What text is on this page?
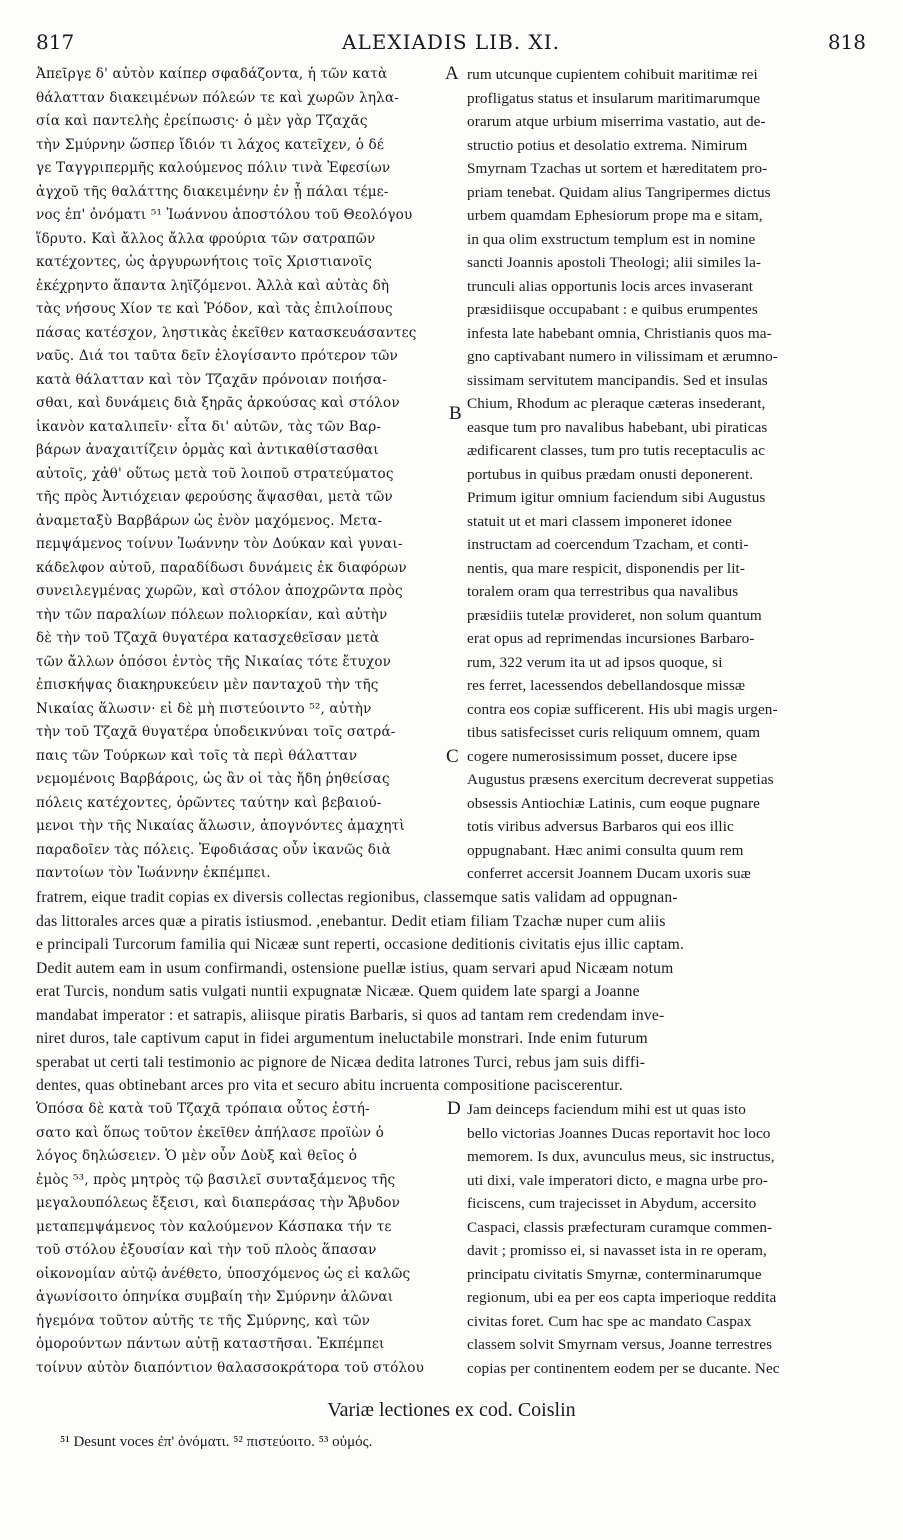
817	ALEXIADIS LIB. XI.	818
Ἀπεῖργε δ' αὐτὸν καίπερ σφαδάζοντα, ἡ τῶν κατὰ
θάλατταν διακειμένων πόλεών τε καὶ χωρῶν ληλα-
σία καὶ παντελὴς ἐρείπωσις· ὁ μὲν γὰρ Τζαχᾶς
τὴν Σμύρνην ὥσπερ ἴδιόν τι λάχος κατεῖχεν, ὁ δέ
γε Ταγγριπερμῆς καλούμενος πόλιν τινὰ Ἐφεσίων
ἀγχοῦ τῆς θαλάττης διακειμένην ἐν ᾗ πάλαι τέμε-
νος ἐπ' ὀνόματι ⁵¹ Ἰωάννου ἀποστόλου τοῦ Θεολόγου
ἵδρυτο. Καὶ ἄλλος ἄλλα φρούρια τῶν σατραπῶν
κατέχοντες, ὡς ἀργυρωνήτοις τοῖς Χριστιανοῖς
ἐκέχρηντο ἅπαντα ληϊζόμενοι. Ἀλλὰ καὶ αὐτὰς δὴ
τὰς νήσους Χίον τε καὶ Ῥόδον, καὶ τὰς ἐπιλοίπους
πάσας κατέσχον, ληστικὰς ἐκεῖθεν κατασκευάσαντες
ναῦς. Διά τοι ταῦτα δεῖν ἐλογίσαντο πρότερον τῶν
κατὰ θάλατταν καὶ τὸν Τζαχᾶν πρόνοιαν ποιήσα-
σθαι, καὶ δυνάμεις διὰ ξηρᾶς ἀρκούσας καὶ στόλον
ἱκανὸν καταλιπεῖν· εἶτα δι' αὐτῶν, τὰς τῶν Βαρ-
βάρων ἀναχαιτίζειν ὁρμὰς καὶ ἀντικαθίστασθαι
αὐτοῖς, χἀθ' οὕτως μετὰ τοῦ λοιποῦ στρατεύματος
τῆς πρὸς Ἀντιόχειαν φερούσης ἅψασθαι, μετὰ τῶν
ἀναμεταξὺ Βαρβάρων ὡς ἐνὸν μαχόμενος. Μετα-
πεμψάμενος τοίνυν Ἰωάννην τὸν Δούκαν καὶ γυναι-
κάδελφον αὐτοῦ, παραδίδωσι δυνάμεις ἐκ διαφόρων
συνειλεγμένας χωρῶν, καὶ στόλον ἀποχρῶντα πρὸς
τὴν τῶν παραλίων πόλεων πολιορκίαν, καὶ αὐτὴν
δὲ τὴν τοῦ Τζαχᾶ θυγατέρα κατασχεθεῖσαν μετὰ
τῶν ἄλλων ὁπόσοι ἐντὸς τῆς Νικαίας τότε ἔτυχον
ἐπισκήψας διακηρυκεύειν μὲν πανταχοῦ τὴν τῆς
Νικαίας ἅλωσιν· εἰ δὲ μὴ πιστεύοιντο ⁵², αὐτὴν
τὴν τοῦ Τζαχᾶ θυγατέρα ὑποδεικνύναι τοῖς σατρά-
παις τῶν Τούρκων καὶ τοῖς τὰ περὶ θάλατταν
νεμομένοις Βαρβάροις, ὡς ἂν οἱ τὰς ἤδη ῥηθείσας
πόλεις κατέχοντες, ὁρῶντες ταύτην καὶ βεβαιού-
μενοι τὴν τῆς Νικαίας ἅλωσιν, ἀπογνόντες ἀμαχητὶ
παραδοῖεν τὰς πόλεις. Ἐφοδιάσας οὖν ἱκανῶς διὰ
παντοίων τὸν Ἰωάννην ἐκπέμπει.
rum utcunque cupientem cohibuit maritimæ rei
profligatus status et insularum maritimarumque
orarum atque urbium miserrima vastatio, aut de-
structio potius et desolatio extrema. Nimirum
Smyrnam Tzachas ut sortem et hæreditatem pro-
priam tenebat. Quidam alius Tangripermes dictus
urbem quamdam Ephesiorum prope ma e sitam,
in qua olim exstructum templum est in nomine
sancti Joannis apostoli Theologi; alii similes la-
trunculi alias opportunis locis arces invaserant
præsidiisque occupabant : e quibus erumpentes
infesta late habebant omnia, Christianis quos ma-
gno captivabant numero in vilissimam et ærumno-
sissimam servitutem mancipandis. Sed et insulas
Chium, Rhodum ac pleraque cæteras insederant,
easque tum pro navalibus habebant, ubi piraticas
ædificarent classes, tum pro tutis receptaculis ac
portubus in quibus prædam onusti deponerent.
Primum igitur omnium faciendum sibi Augustus
statuit ut et mari classem imponeret idonee
instructam ad coercendum Tzacham, et conti-
nentis, qua mare respicit, disponendis per lit-
toralem oram qua terrestribus qua navalibus
præsidiis tutelæ provideret, non solum quantum
erat opus ad reprimendas incursiones Barbaro-
rum, 322 verum ita ut ad ipsos quoque, si
res ferret, lacessendos debellandosque missæ
contra eos copiæ sufficerent. His ubi magis urgen-
tibus satisfecisset curis reliquum omnem, quam
cogere numerosissimum posset, ducere ipse
Augustus præsens exercitum decreverat suppetias
obsessis Antiochiæ Latinis, cum eoque pugnare
totis viribus adversus Barbaros qui eos illic
oppugnabant. Hæc animi consulta quum rem
conferret accersit Joannem Ducam uxoris suæ
fratrem, eique tradit copias ex diversis collectas regionibus, classemque satis validam ad oppugnan-
das littorales arces quæ a piratis istiusmod. ,enebantur. Dedit etiam filiam Tzachæ nuper cum aliis
e principali Turcorum familia qui Nicææ sunt reperti, occasione deditionis civitatis ejus illic captam.
Dedit autem eam in usum confirmandi, ostensione puellæ istius, quam servari apud Nicæam notum
erat Turcis, nondum satis vulgati nuntii expugnatæ Nicææ. Quem quidem late spargi a Joanne
mandabat imperator : et satrapis, aliisque piratis Barbaris, si quos ad tantam rem credendam inve-
niret duros, tale captivum caput in fidei argumentum ineluctabile monstrari. Inde enim futurum
sperabat ut certi tali testimonio ac pignore de Nicæa dedita latrones Turci, rebus jam suis diffi-
dentes, quas obtinebant arces pro vita et securo abitu incruenta compositione paciscerentur.
Ὁπόσα δὲ κατὰ τοῦ Τζαχᾶ τρόπαια οὗτος ἐστή-
σατο καὶ ὅπως τοῦτον ἐκεῖθεν ἀπήλασε προϊὼν ὁ
λόγος δηλώσειεν. Ὁ μὲν οὖν Δοὺξ καὶ θεῖος ὁ
ἐμὸς ⁵³, πρὸς μητρὸς τῷ βασιλεῖ συνταξάμενος τῆς
μεγαλουπόλεως ἔξεισι, καὶ διαπεράσας τὴν Ἄβυδον
μεταπεμψάμενος τὸν καλούμενον Κάσπακα τήν τε
τοῦ στόλου ἐξουσίαν καὶ τὴν τοῦ πλοὸς ἅπασαν
οἰκονομίαν αὐτῷ ἀνέθετο, ὑποσχόμενος ὡς εἰ καλῶς
ἀγωνίσοιτο ὁπηνίκα συμβαίη τὴν Σμύρνην ἁλῶναι
ἡγεμόνα τοῦτον αὐτῆς τε τῆς Σμύρνης, καὶ τῶν
ὁμορούντων πάντων αὐτῇ καταστῆσαι. Ἐκπέμπει
τοίνυν αὐτὸν διαπόντιον θαλασσοκράτορα τοῦ στόλου
Jam deinceps faciendum mihi est ut quas isto
bello victorias Joannes Ducas reportavit hoc loco
memorem. Is dux, avunculus meus, sic instructus,
uti dixi, vale imperatori dicto, e magna urbe pro-
ficiscens, cum trajecisset in Abydum, accersito
Caspaci, classis præfecturam curamque commen-
davit ; promisso ei, si navasset ista in re operam,
principatu civitatis Smyrnæ, conterminarumque
regionum, ubi ea per eos capta imperioque reddita
civitas foret. Cum hac spe ac mandato Caspax
classem solvit Smyrnam versus, Joanne terrestres
copias per continentem eodem per se ducante. Nec
A
B
C
D
Variæ lectiones ex cod. Coislin
⁵¹ Desunt voces ἐπ' ὀνόματι. ⁵² πιστεύοιτο. ⁵³ οὐμός.
